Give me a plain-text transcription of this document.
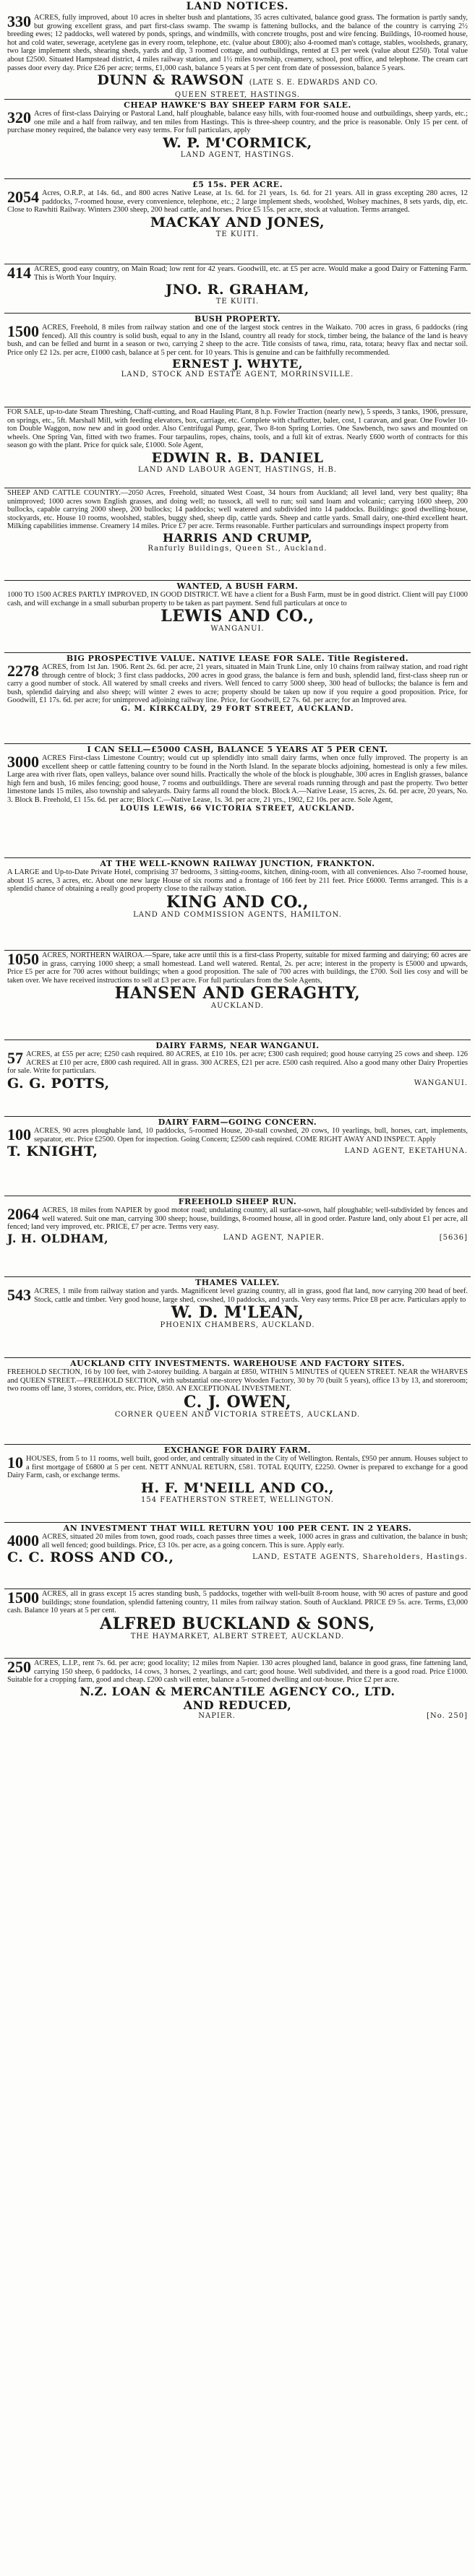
LAND NOTICES.
330 ACRES, fully improved, about 10 acres in shelter bush and plantations, 35 acres cultivated, balance good grass. The formation is partly sandy, but growing excellent grass, and part first-class swamp. The swamp is fattening bullocks, and the balance of the country is carrying 2½ breeding ewes; 12 paddocks, well watered by ponds, springs, and windmills, with concrete troughs, post and wire fencing. Buildings, 10-roomed house, hot and cold water, sewerage, acetylene gas in every room, telephone, etc. (value about £800); also 4-roomed man's cottage, stables, woolsheds, granary, two large implement sheds, shearing sheds, yards and dip, 3 roomed cottage, and outbuildings, rented at £3 per week (value about £250). Total value about £2500. Situated Hampstead district, 4 miles railway station, and 1½ miles township, creamery, school, post office, and telephone. The cream cart passes door every day. Price £26 per acre; terms, £1,000 cash, balance 5 years at 5 per cent from date of possession, balance 5 years.
DUNN & RAWSON (LATE S. E. EDWARDS AND CO.
QUEEN STREET, HASTINGS.
CHEAP HAWKE'S BAY SHEEP FARM FOR SALE.
320 Acres of first-class Dairying or Pastoral Land, half ploughable, balance easy hills, with four-roomed house and outbuildings, sheep yards, etc.; one mile and a half from railway, and ten miles from Hastings. This is three-sheep country, and the price is reasonable. Only 15 per cent. of purchase money required, the balance very easy terms. For full particulars, apply
W. P. M'CORMICK,
LAND AGENT, HASTINGS.
£5 15s. PER ACRE.
2054 Acres, O.R.P., at 14s. 6d., and 800 acres Native Lease, at 1s. 6d. for 21 years, 1s. 6d. for 21 years. All in grass excepting 280 acres, 12 paddocks, 7-roomed house, every convenience, telephone, etc.; 2 large implement sheds, woolshed, Wolsey machines, 8 sets yards, dip, etc. Close to Rawhiti Railway. Winters 2300 sheep, 200 head cattle, and horses. Price £5 15s. per acre, stock at valuation. Terms arranged.
MACKAY AND JONES,
TE KUITI.
414 ACRES, good easy country, on Main Road; low rent for 42 years. Goodwill, etc. at £5 per acre. Would make a good Dairy or Fattening Farm. This is Worth Your Inquiry.
JNO. R. GRAHAM,
TE KUITI.
BUSH PROPERTY.
1500 ACRES, Freehold, 8 miles from railway station and one of the largest stock centres in the Waikato. 700 acres in grass, 6 paddocks (ring fenced). All this country is solid bush, equal to any in the Island, country all ready for stock, timber being, the balance of the land is heavy bush, and can be felled and burnt in a season or two, carrying 2 sheep to the acre. Title consists of tawa, rimu, rata, totara; heavy flax and nectar soil. Price only £2 12s. per acre, £1000 cash, balance at 5 per cent. for 10 years. This is genuine and can be faithfully recommended.
ERNEST J. WHYTE,
LAND, STOCK AND ESTATE AGENT, MORRINSVILLE.
FOR SALE, up-to-date Steam Threshing, Chaff-cutting, and Road Hauling Plant, 8 h.p. Fowler Traction (nearly new), 5 speeds, 3 tanks, 1906, pressure, on springs, etc., 5ft. Marshall Mill, with feeding elevators, box, carriage, etc. Complete with chaffcutter, baler, cost, 1 caravan, and gear. One Fowler 10-ton Double Waggon, now new and in good order. Also Centrifugal Pump, gear, Two 8-ton Spring Lorries. One Sawbench, two saws and mounted on wheels. One Spring Van, fitted with two frames. Four tarpaulins, ropes, chains, tools, and a full kit of extras. Nearly £600 worth of contracts for this season go with the plant. Price for quick sale, £1000. Sole Agent,
EDWIN R. B. DANIEL
LAND AND LABOUR AGENT, HASTINGS, H.B.
SHEEP AND CATTLE COUNTRY.—2050 Acres, Freehold, situated West Coast, 34 hours from Auckland; all level land, very best quality; 8ha unimproved; 1000 acres sown English grasses, and doing well; no tussock, all well to run; soil sand loam and volcanic; carrying 1600 sheep, 200 bullocks, capable carrying 2000 sheep, 200 bullocks; 14 paddocks; well watered and subdivided into 14 paddocks. Buildings: good dwelling-house, stockyards, etc. House 10 rooms, woolshed, stables, buggy shed, sheep dip, cattle yards. Sheep and cattle yards. Small dairy, one-third excellent heart. Milking capabilities immense. Creamery 14 miles. Price £7 per acre. Terms reasonable. Further particulars and surroundings inspect property from
HARRIS AND CRUMP,
Ranfurly Buildings, Queen St., Auckland.
WANTED, A BUSH FARM.
1000 TO 1500 ACRES PARTLY IMPROVED, IN GOOD DISTRICT. WE have a client for a Bush Farm, must be in good district. Client will pay £1000 cash, and will exchange in a small suburban property to be taken as part payment. Send full particulars at once to
LEWIS AND CO.,
WANGANUI.
BIG PROSPECTIVE VALUE. NATIVE LEASE FOR SALE. Title Registered.
2278 ACRES, from 1st Jan. 1906. Rent 2s. 6d. per acre, 21 years, situated in Main Trunk Line, only 10 chains from railway station, and road right through centre of block; 3 first class paddocks, 200 acres in good grass, the balance is fern and bush, splendid land, first-class sheep run or carry a good number of stock. All watered by small creeks and rivers. Well fenced to carry 5000 sheep, 300 head of bullocks; the balance is fern and bush, splendid dairying and also sheep; will winter 2 ewes to acre; property should be taken up now if you require a good proposition. Price, for Goodwill, £1 17s. 6d. per acre; for unimproved adjoining railway line. Price, for Goodwill, £2 7s. 6d. per acre; for an Improved area.
G. M. KIRKCALDY, 29 FORT STREET, AUCKLAND.
I CAN SELL—£5000 CASH, BALANCE 5 YEARS AT 5 PER CENT.
3000 ACRES First-class Limestone Country; would cut up splendidly into small dairy farms, when once fully improved. The property is an excellent sheep or cattle fattening country to be found in the North Island. In the separate blocks adjoining, homestead is only a few miles. Large area with river flats, open valleys, balance over sound hills. Practically the whole of the block is ploughable, 300 acres in English grasses, balance high fern and bush, 16 miles fencing; good house, 7 rooms and outbuildings. There are several roads running through and past the property. Two better limestone lands 15 miles, also township and saleyards. Dairy farms all round the block. Block A.—Native Lease, 15 acres, 2s. 6d. per acre, 20 years, No. 3. Block B. Freehold, £1 15s. 6d. per acre; Block C.—Native Lease, 1s. 3d. per acre, 21 yrs., 1902, £2 10s. per acre. Sole Agent,
LOUIS LEWIS, 66 VICTORIA STREET, AUCKLAND.
AT THE WELL-KNOWN RAILWAY JUNCTION, FRANKTON.
A LARGE and Up-to-Date Private Hotel, comprising 37 bedrooms, 3 sitting-rooms, kitchen, dining-room, with all conveniences. Also 7-roomed house, about 15 acres, 3 acres, etc. About one new large House of six rooms and a frontage of 166 feet by 211 feet. Price £6000. Terms arranged. This is a splendid chance of obtaining a really good property close to the railway station.
KING AND CO.,
LAND AND COMMISSION AGENTS, HAMILTON.
1050 ACRES, NORTHERN WAIROA.—Spare, take acre until this is a first-class Property, suitable for mixed farming and dairying; 60 acres are in grass, carrying 1000 sheep; a small homestead. Land well watered. Rental, 2s. per acre; interest in the property is £5000 and upwards, Price £5 per acre for 700 acres without buildings; when a good proposition. The sale of 700 acres with buildings, the £700. Soil lies cosy and will be taken over. We have received instructions to sell at £3 per acre. For full particulars from the Sole Agents,
HANSEN AND GERAGHTY,
AUCKLAND.
DAIRY FARMS, NEAR WANGANUI.
57 ACRES, at £55 per acre; £250 cash required. 80 ACRES, at £10 10s. per acre; £300 cash required; good house carrying 25 cows and sheep. 126 ACRES at £10 per acre, £800 cash required. All in grass. 300 ACRES, £21 per acre. £500 cash required. Also a good many other Dairy Properties for sale. Write for particulars.
G. G. POTTS,	WANGANUI.
DAIRY FARM—GOING CONCERN.
100 ACRES, 90 acres ploughable land, 10 paddocks, 5-roomed House, 20-stall cowshed, 20 cows, 10 yearlings, bull, horses, cart, implements, separator, etc. Price £2500. Open for inspection. Going Concern; £2500 cash required. COME RIGHT AWAY AND INSPECT. Apply
T. KNIGHT,	LAND AGENT, EKETAHUNA.
FREEHOLD SHEEP RUN.
2064 ACRES, 18 miles from NAPIER by good motor road; undulating country, all surface-sown, half ploughable; well-subdivided by fences and well watered. Suit one man, carrying 300 sheep; house, buildings, 8-roomed house, all in good order. Pasture land, only about £1 per acre, all fenced; land very improved, etc. PRICE, £7 per acre. Terms very easy.
J. H. OLDHAM,	LAND AGENT, NAPIER.	[5636]
THAMES VALLEY.
543 ACRES, 1 mile from railway station and yards. Magnificent level grazing country, all in grass, good flat land, now carrying 200 head of beef. Stock, cattle and timber. Very good house, large shed, cowshed, 10 paddocks, and yards. Very easy terms. Price £8 per acre. Particulars apply to
W. D. M'LEAN,
PHOENIX CHAMBERS, AUCKLAND.
AUCKLAND CITY INVESTMENTS. WAREHOUSE AND FACTORY SITES.
FREEHOLD SECTION, 16 by 100 feet, with 2-storey building. A bargain at £850, WITHIN 5 MINUTES of QUEEN STREET. NEAR the WHARVES and QUEEN STREET.—FREEHOLD SECTION, with substantial one-storey Wooden Factory, 30 by 70 (built 5 years), office 13 by 13, and storeroom; two rooms off lane, 3 stores, corridors, etc. Price, £850. AN EXCEPTIONAL INVESTMENT.
C. J. OWEN,
CORNER QUEEN AND VICTORIA STREETS, AUCKLAND.
EXCHANGE FOR DAIRY FARM.
10 HOUSES, from 5 to 11 rooms, well built, good order, and centrally situated in the City of Wellington. Rentals, £950 per annum. Houses subject to a first mortgage of £6800 at 5 per cent. NETT ANNUAL RETURN, £581. TOTAL EQUITY, £2250. Owner is prepared to exchange for a good Dairy Farm, cash, or exchange terms.
H. F. M'NEILL AND CO.,
154 FEATHERSTON STREET, WELLINGTON.
AN INVESTMENT THAT WILL RETURN YOU 100 PER CENT. IN 2 YEARS.
4000 ACRES, situated 20 miles from town, good roads, coach passes three times a week, 1000 acres in grass and cultivation, the balance in bush; all well fenced; good buildings. Price, £3 10s. per acre, as a going concern. This is sure. Apply early.
C. C. ROSS AND CO.,	LAND, ESTATE AGENTS, Shareholders, Hastings.
1500 ACRES, all in grass except 15 acres standing bush, 5 paddocks, together with well-built 8-room house, with 90 acres of pasture and good buildings; stone foundation, splendid fattening country, 11 miles from railway station. South of Auckland. PRICE £9 5s. acre. Terms, £3,000 cash. Balance 10 years at 5 per cent.
ALFRED BUCKLAND & SONS,
THE HAYMARKET, ALBERT STREET, AUCKLAND.
250 ACRES, L.I.P., rent 7s. 6d. per acre; good locality; 12 miles from Napier. 130 acres ploughed land, balance in good grass, fine fattening land, carrying 150 sheep, 6 paddocks, 14 cows, 3 horses, 2 yearlings, and cart; good house. Well subdivided, and there is a good road. Price £1000. Suitable for a cropping farm, good and cheap. £200 cash will enter, balance a 5-roomed dwelling and out-house. Price £2 per acre.
N.Z. LOAN & MERCANTILE AGENCY CO., LTD.
AND REDUCED,
NAPIER.	[No. 250]
